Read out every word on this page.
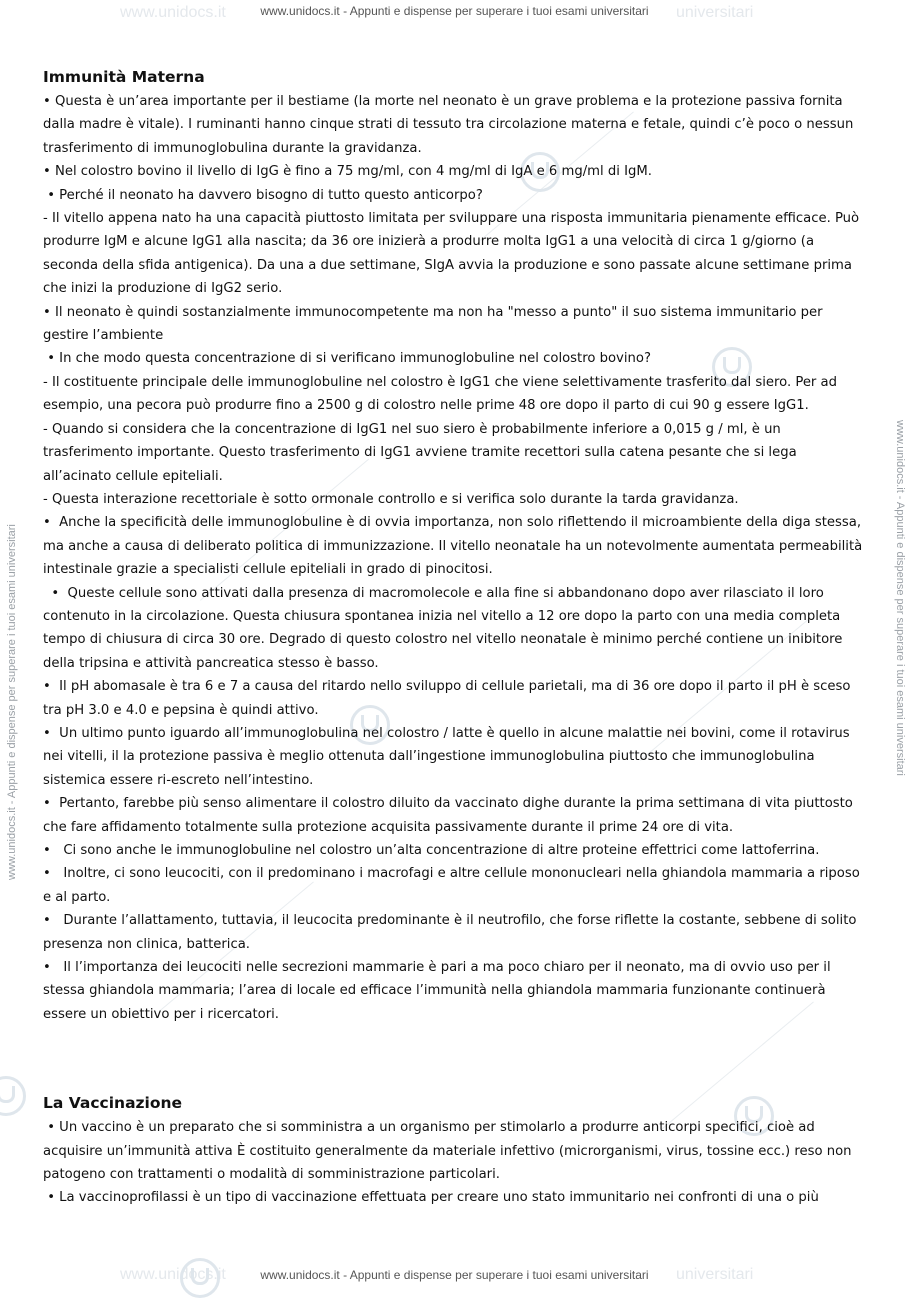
www.unidocs.it	universitari
www.unidocs.it - Appunti e dispense per superare i tuoi esami universitari
www.unidocs.it	universitari
www.unidocs.it - Appunti e dispense per superare i tuoi esami universitari
www.unidocs.it - Appunti e dispense per superare i tuoi esami universitari	www.unidocs.it - Appunti e dispense per superare i tuoi esami universitari
Immunità Materna

• Questa è un’area importante per il bestiame (la morte nel neonato è un grave problema e la protezione passiva fornita dalla madre è vitale). I ruminanti hanno cinque strati di tessuto tra circolazione materna e fetale, quindi c’è poco o nessun trasferimento di immunoglobulina durante la gravidanza.

• Nel colostro bovino il livello di IgG è fino a 75 mg/ml, con 4 mg/ml di IgA e 6 mg/ml di IgM.

• Perché il neonato ha davvero bisogno di tutto questo anticorpo?

- Il vitello appena nato ha una capacità piuttosto limitata per sviluppare una risposta immunitaria pienamente efficace. Può produrre IgM e alcune IgG1 alla nascita; da 36 ore inizierà a produrre molta IgG1 a una velocità di circa 1 g/giorno (a seconda della sfida antigenica). Da una a due settimane, SIgA avvia la produzione e sono passate alcune settimane prima che inizi la produzione di IgG2 serio.

• Il neonato è quindi sostanzialmente immunocompetente ma non ha "messo a punto" il suo sistema immunitario per gestire l’ambiente

• In che modo questa concentrazione di si verificano immunoglobuline nel colostro bovino?

- Il costituente principale delle immunoglobuline nel colostro è IgG1 che viene selettivamente trasferito dal siero. Per ad esempio, una pecora può produrre fino a 2500 g di colostro nelle prime 48 ore dopo il parto di cui 90 g essere IgG1.

- Quando si considera che la concentrazione di IgG1 nel suo siero è probabilmente inferiore a 0,015 g / ml, è un trasferimento importante. Questo trasferimento di IgG1 avviene tramite recettori sulla catena pesante che si lega all’acinato cellule epiteliali.

- Questa interazione recettoriale è sotto ormonale controllo e si verifica solo durante la tarda gravidanza.

•  Anche la specificità delle immunoglobuline è di ovvia importanza, non solo riflettendo il microambiente della diga stessa, ma anche a causa di deliberato politica di immunizzazione. Il vitello neonatale ha un notevolmente aumentata permeabilità intestinale grazie a specialisti cellule epiteliali in grado di pinocitosi.

•  Queste cellule sono attivati dalla presenza di macromolecole e alla fine si abbandonano dopo aver rilasciato il loro contenuto in la circolazione. Questa chiusura spontanea inizia nel vitello a 12 ore dopo la parto con una media completa tempo di chiusura di circa 30 ore. Degrado di questo colostro nel vitello neonatale è minimo perché contiene un inibitore della tripsina e attività pancreatica stesso è basso.

•  Il pH abomasale è tra 6 e 7 a causa del ritardo nello sviluppo di cellule parietali, ma di 36 ore dopo il parto il pH è sceso tra pH 3.0 e 4.0 e pepsina è quindi attivo.

•  Un ultimo punto iguardo all’immunoglobulina nel colostro / latte è quello in alcune malattie nei bovini, come il rotavirus nei vitelli, il la protezione passiva è meglio ottenuta dall’ingestione immunoglobulina piuttosto che immunoglobulina sistemica essere ri-escreto nell’intestino.

•  Pertanto, farebbe più senso alimentare il colostro diluito da vaccinato dighe durante la prima settimana di vita piuttosto che fare affidamento totalmente sulla protezione acquisita passivamente durante il prime 24 ore di vita.

•   Ci sono anche le immunoglobuline nel colostro un’alta concentrazione di altre proteine effettrici come lattoferrina.

•   Inoltre, ci sono leucociti, con il predominano i macrofagi e altre cellule mononucleari nella ghiandola mammaria a riposo e al parto.

•   Durante l’allattamento, tuttavia, il leucocita predominante è il neutrofilo, che forse riflette la costante, sebbene di solito presenza non clinica, batterica.

•   Il l’importanza dei leucociti nelle secrezioni mammarie è pari a ma poco chiaro per il neonato, ma di ovvio uso per il stessa ghiandola mammaria; l’area di locale ed efficace l’immunità nella ghiandola mammaria funzionante continuerà essere un obiettivo per i ricercatori.

La Vaccinazione

• Un vaccino è un preparato che si somministra a un organismo per stimolarlo a produrre anticorpi specifici, cioè ad acquisire un’immunità attiva È costituito generalmente da materiale infettivo (microrganismi, virus, tossine ecc.) reso non patogeno con trattamenti o modalità di somministrazione particolari.

• La vaccinoprofilassi è un tipo di vaccinazione effettuata per creare uno stato immunitario nei confronti di una o più
